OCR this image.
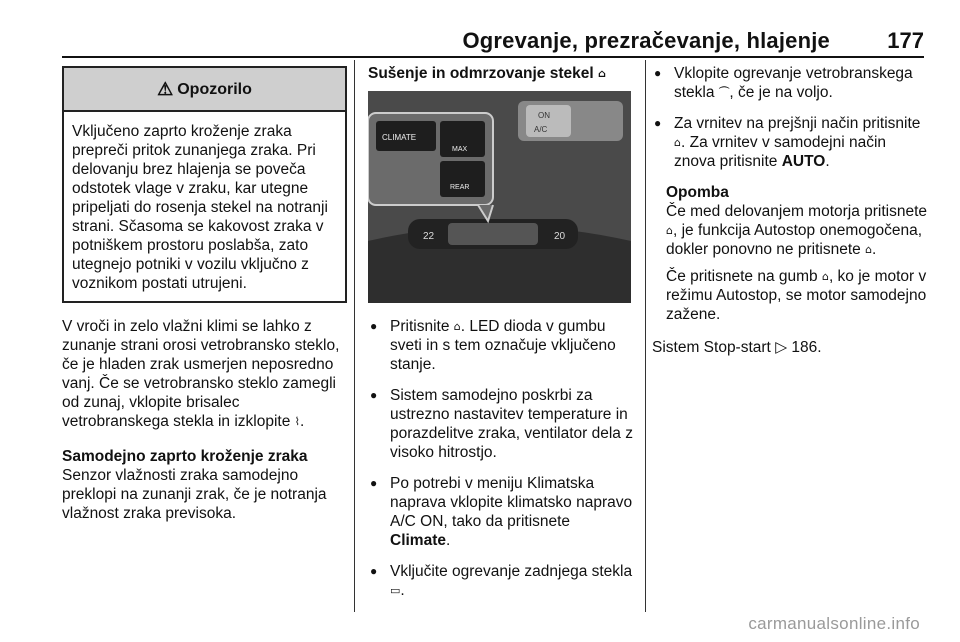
Ogrevanje, prezračevanje, hlajenje	177
⚠ Opozorilo
Vključeno zaprto kroženje zraka prepreči pritok zunanjega zraka. Pri delovanju brez hlajenja se poveča odstotek vlage v zraku, kar utegne pripeljati do rosenja stekel na notranji strani. Sčasoma se kakovost zraka v potniškem prostoru poslabša, zato utegnejo potniki v vozilu vključno z voznikom postati utrujeni.

V vroči in zelo vlažni klimi se lahko z zunanje strani orosi vetrobransko steklo, če je hladen zrak usmerjen neposredno vanj. Če se vetrobransko steklo zamegli od zunaj, vklopite brisalec vetrobranskega stekla in izklopite ⌇.

Samodejno zaprto kroženje zraka

Senzor vlažnosti zraka samodejno preklopi na zunanji zrak, če je notranja vlažnost zraka previsoka.

Sušenje in odmrzovanje stekel ⌂

22	20
ON
A/C
CLIMATE
MAX
REAR
● Pritisnite ⌂. LED dioda v gumbu sveti in s tem označuje vključeno stanje.
● Sistem samodejno poskrbi za ustrezno nastavitev temperature in porazdelitve zraka, ventilator dela z visoko hitrostjo.
● Po potrebi v meniju Klimatska naprava vklopite klimatsko napravo A/C ON, tako da pritisnete Climate.
● Vključite ogrevanje zadnjega stekla ▭.
● Vklopite ogrevanje vetrobranskega stekla ⏜, če je na voljo.
● Za vrnitev na prejšnji način pritisnite ⌂. Za vrnitev v samodejni način znova pritisnite AUTO.

Opomba

Če med delovanjem motorja pritisnete ⌂, je funkcija Autostop onemogočena, dokler ponovno ne pritisnete ⌂.

Če pritisnete na gumb ⌂, ko je motor v režimu Autostop, se motor samodejno zažene.

Sistem Stop-start ▷ 186.

carmanualsonline.info
